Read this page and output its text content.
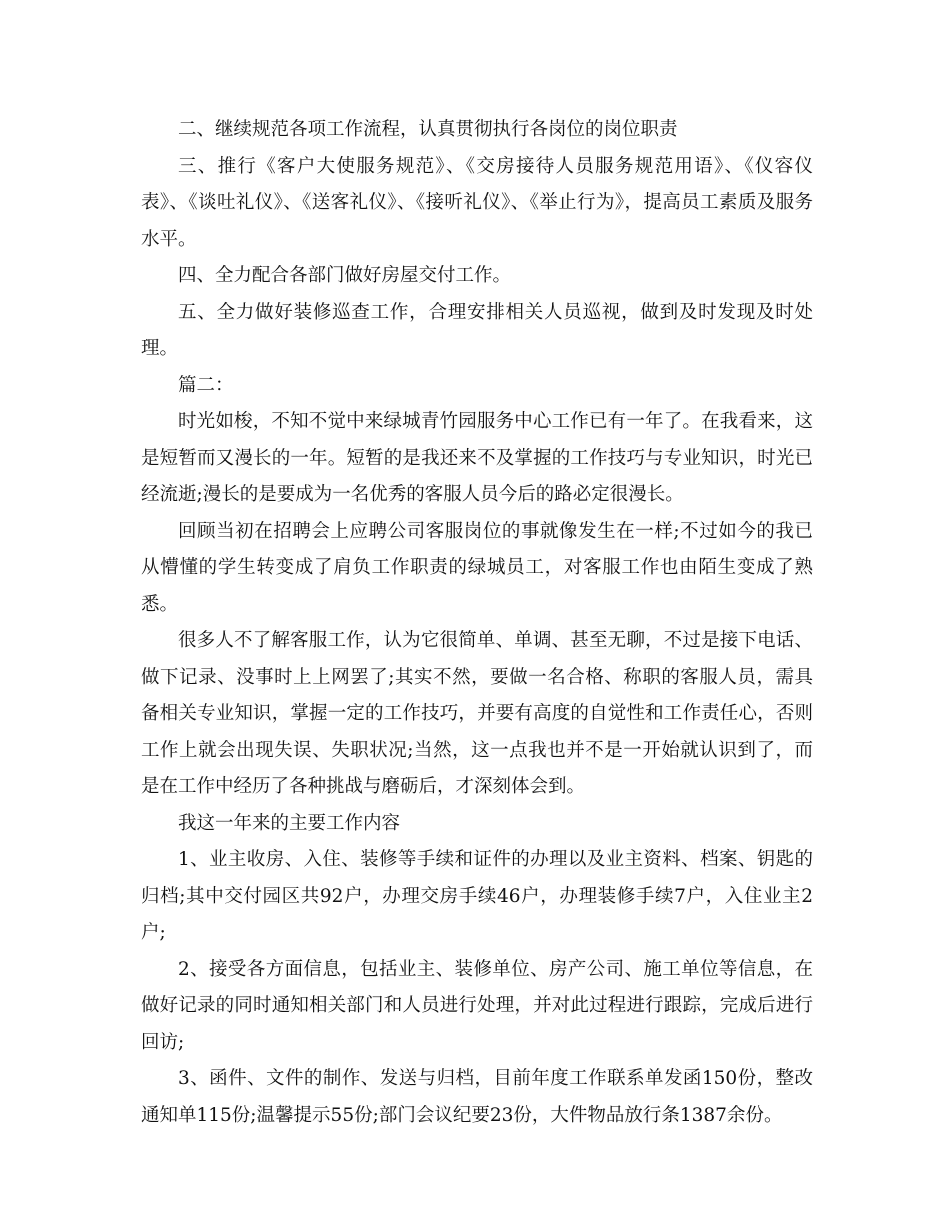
二、继续规范各项工作流程，认真贯彻执行各岗位的岗位职责

三、推行《客户大使服务规范》、《交房接待人员服务规范用语》、《仪容仪表》、《谈吐礼仪》、《送客礼仪》、《接听礼仪》、《举止行为》，提高员工素质及服务水平。

四、全力配合各部门做好房屋交付工作。

五、全力做好装修巡查工作，合理安排相关人员巡视，做到及时发现及时处理。

篇二：

时光如梭，不知不觉中来绿城青竹园服务中心工作已有一年了。在我看来，这是短暂而又漫长的一年。短暂的是我还来不及掌握的工作技巧与专业知识，时光已经流逝;漫长的是要成为一名优秀的客服人员今后的路必定很漫长。

回顾当初在招聘会上应聘公司客服岗位的事就像发生在一样;不过如今的我已从懵懂的学生转变成了肩负工作职责的绿城员工，对客服工作也由陌生变成了熟悉。

很多人不了解客服工作，认为它很简单、单调、甚至无聊，不过是接下电话、做下记录、没事时上上网罢了;其实不然，要做一名合格、称职的客服人员，需具备相关专业知识，掌握一定的工作技巧，并要有高度的自觉性和工作责任心，否则工作上就会出现失误、失职状况;当然，这一点我也并不是一开始就认识到了，而是在工作中经历了各种挑战与磨砺后，才深刻体会到。

我这一年来的主要工作内容

1、业主收房、入住、装修等手续和证件的办理以及业主资料、档案、钥匙的归档;其中交付园区共92户，办理交房手续46户，办理装修手续7户，入住业主2户;

2、接受各方面信息，包括业主、装修单位、房产公司、施工单位等信息，在做好记录的同时通知相关部门和人员进行处理，并对此过程进行跟踪，完成后进行回访;

3、函件、文件的制作、发送与归档，目前年度工作联系单发函150份，整改通知单115份;温馨提示55份;部门会议纪要23份，大件物品放行条1387余份。
